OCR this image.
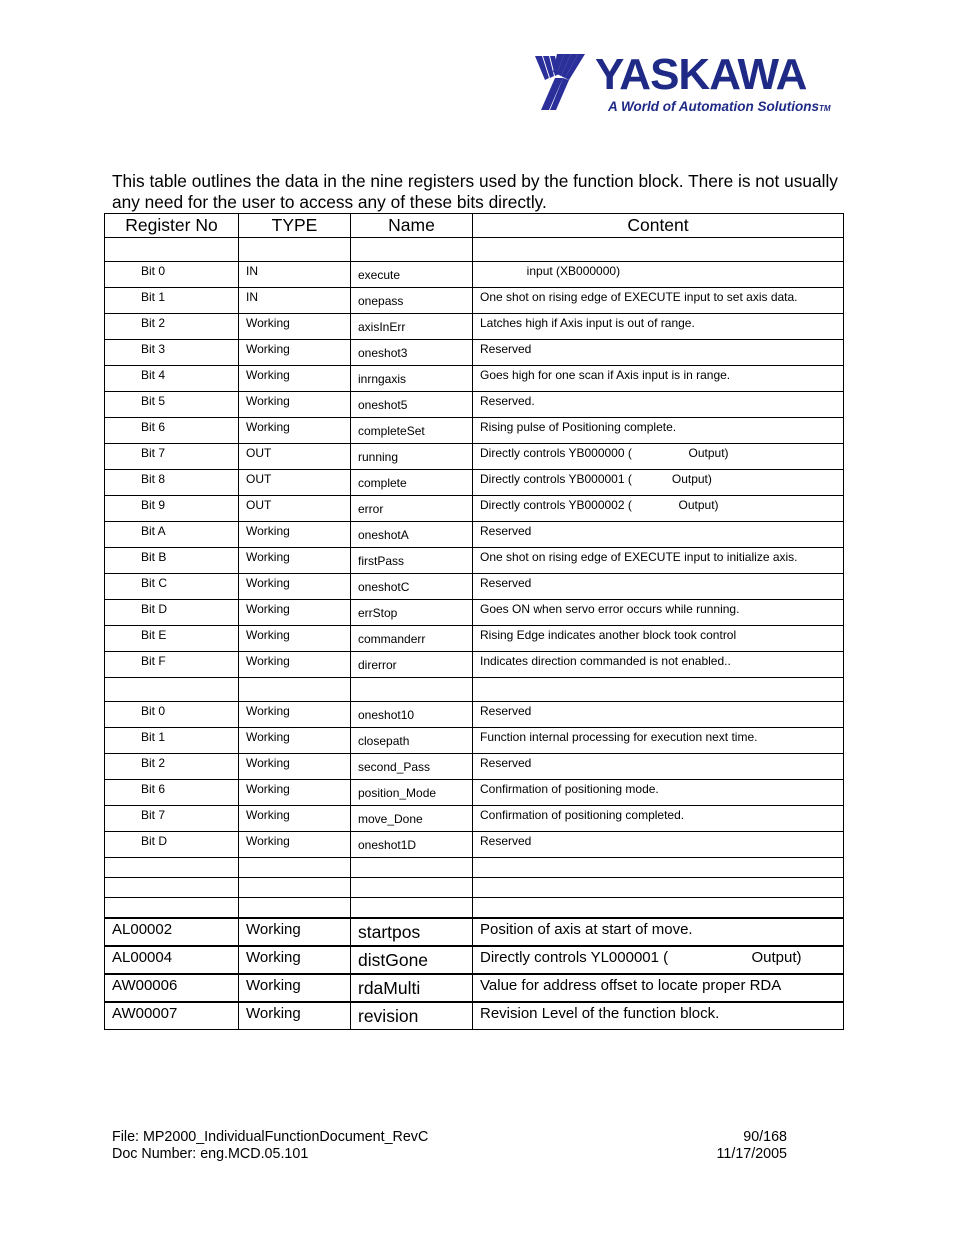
YASKAWA
A World of Automation SolutionsTM
This table outlines the data in the nine registers used by the function block. There is not usually any need for the user to access any of these bits directly.
Register No	TYPE	Name	Content

Bit 0	IN	execute	input (XB000000)
Bit 1	IN	onepass	One shot on rising edge of EXECUTE input to set axis data.
Bit 2	Working	axisInErr	Latches high if Axis input is out of range.
Bit 3	Working	oneshot3	Reserved
Bit 4	Working	inrngaxis	Goes high for one scan if Axis input is in range.
Bit 5	Working	oneshot5	Reserved.
Bit 6	Working	completeSet	Rising pulse of Positioning complete.
Bit 7	OUT	running	Directly controls YB000000 (                 Output)
Bit 8	OUT	complete	Directly controls YB000001 (            Output)
Bit 9	OUT	error	Directly controls YB000002 (              Output)
Bit A	Working	oneshotA	Reserved
Bit B	Working	firstPass	One shot on rising edge of EXECUTE input to initialize axis.
Bit C	Working	oneshotC	Reserved
Bit D	Working	errStop	Goes ON when servo error occurs while running.
Bit E	Working	commanderr	Rising Edge indicates another block took control
Bit F	Working	direrror	Indicates direction commanded is not enabled..

Bit 0	Working	oneshot10	Reserved
Bit 1	Working	closepath	Function internal processing for execution next time.
Bit 2	Working	second_Pass	Reserved
Bit 6	Working	position_Mode	Confirmation of positioning mode.
Bit 7	Working	move_Done	Confirmation of positioning completed.
Bit D	Working	oneshot1D	Reserved

AL00002	Working	startpos	Position of axis at start of move.
AL00004	Working	distGone	Directly controls YL000001 (                    Output)
AW00006	Working	rdaMulti	Value for address offset to locate proper RDA
AW00007	Working	revision	Revision Level of the function block.
File: MP2000_IndividualFunctionDocument_RevC	90/168
Doc Number: eng.MCD.05.101	11/17/2005
